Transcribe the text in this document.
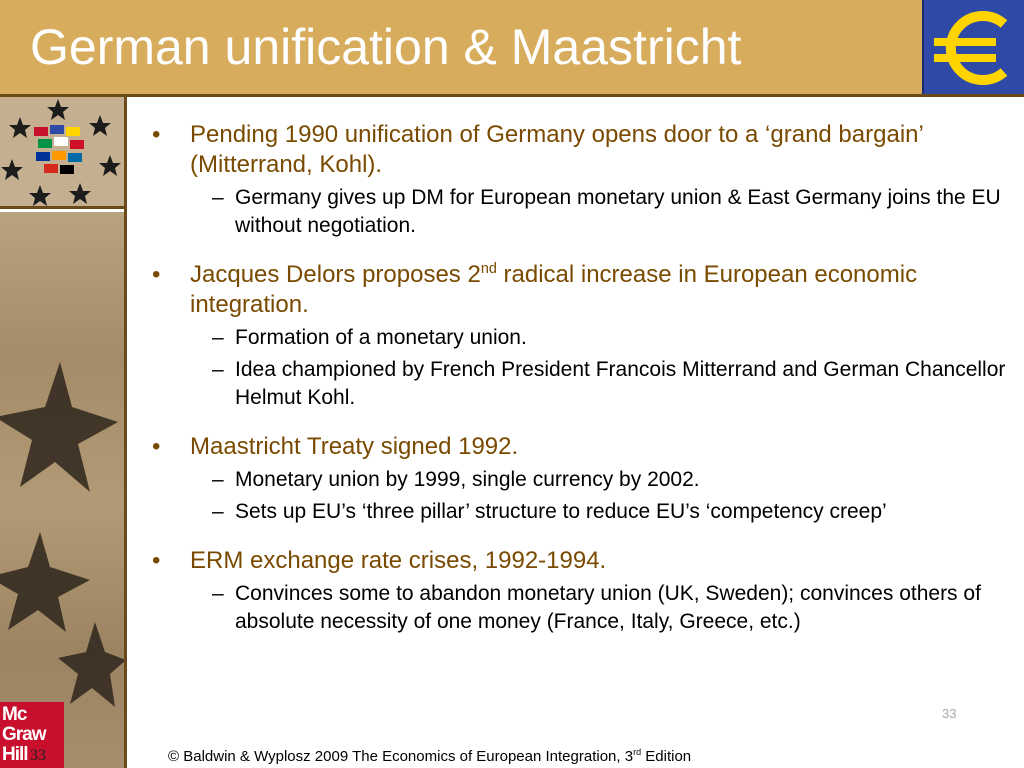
German unification & Maastricht
Mc
Graw
Hill 33
• Pending 1990 unification of Germany opens door to a ‘grand bargain’ (Mitterrand, Kohl).
– Germany gives up DM for European monetary union & East Germany joins the EU without negotiation.
• Jacques Delors proposes 2nd radical increase in European economic integration.
– Formation of a monetary union.
– Idea championed by French President Francois Mitterrand and German Chancellor Helmut Kohl.
• Maastricht Treaty signed 1992.
– Monetary union by 1999, single currency by 2002.
– Sets up EU’s ‘three pillar’ structure to reduce EU’s ‘competency creep’
• ERM exchange rate crises, 1992-1994.
– Convinces some to abandon monetary union (UK, Sweden); convinces others of absolute necessity of one money (France, Italy, Greece, etc.)
33
© Baldwin & Wyplosz 2009 The Economics of European Integration, 3rd Edition
